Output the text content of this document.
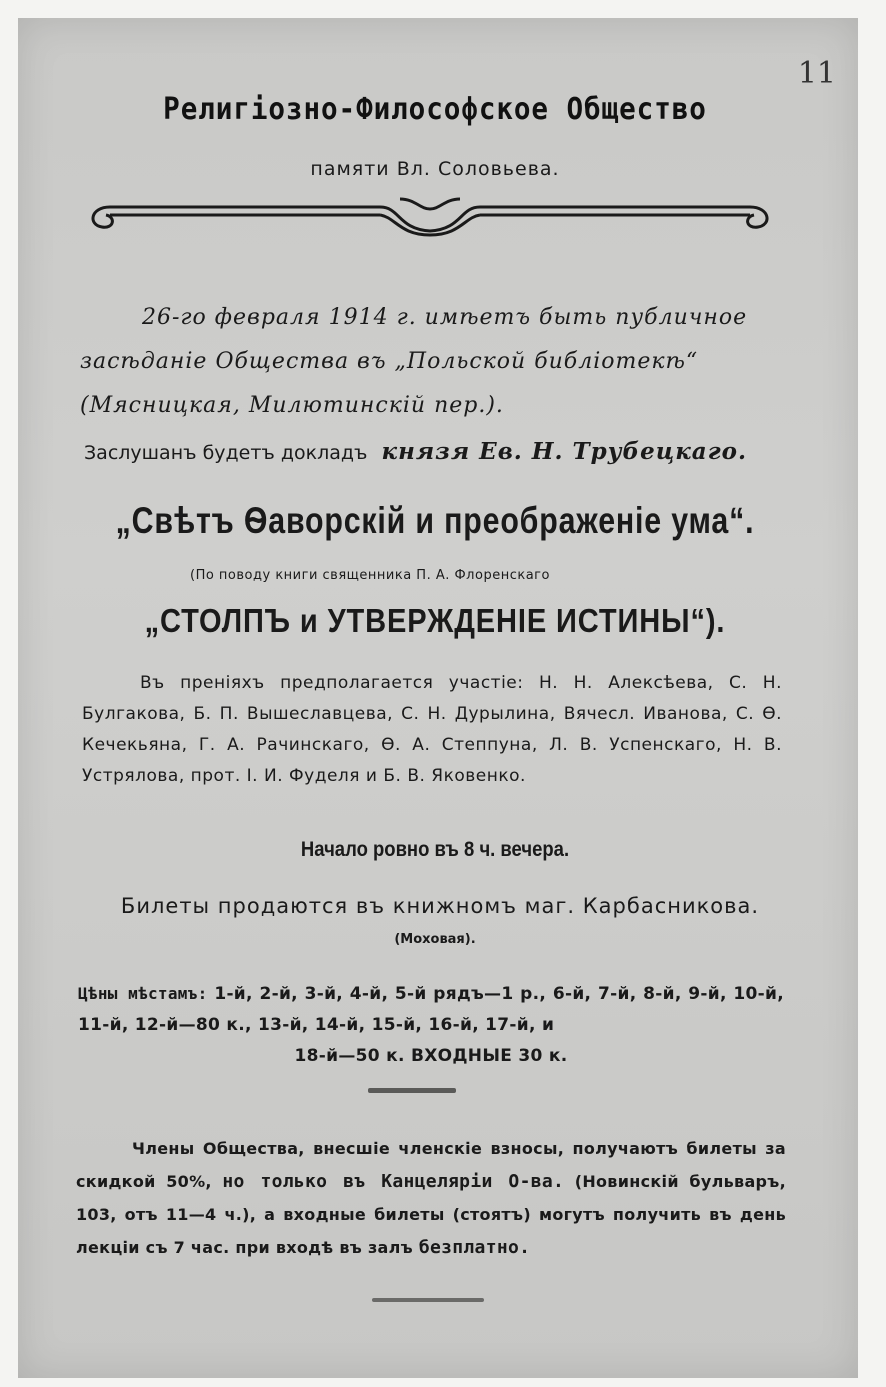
11
Религіозно-Философское Общество
памяти Вл. Соловьева.
26-го февраля 1914 г. имѣетъ быть публичное засѣданіе Общества въ „Польской библіотекѣ“ (Мясницкая, Милютинскій пер.).
Заслушанъ будетъ докладъ князя Ев. Н. Трубецкаго.
„Свѣтъ Ѳаворскій и преображеніе ума“.
(По поводу книги священника П. А. Флоренскаго
„СТОЛПЪ и УТВЕРЖДЕНІЕ ИСТИНЫ“).
Въ преніяхъ предполагается участіе: Н. Н. Алексѣева, С. Н. Булгакова, Б. П. Вышеславцева, С. Н. Дурылина, Вячесл. Иванова, С. Ѳ. Кечекьяна, Г. А. Рачинскаго, Ѳ. А. Степпуна, Л. В. Успенскаго, Н. В. Устрялова, прот. І. И. Фуделя и Б. В. Яковенко.
Начало ровно въ 8 ч. вечера.
Билеты продаются въ книжномъ маг. Карбасникова.
(Моховая).
Цѣны мѣстамъ: 1-й, 2-й, 3-й, 4-й, 5-й рядъ—1 р., 6-й, 7-й, 8-й, 9-й, 10-й, 11-й, 12-й—80 к., 13-й, 14-й, 15-й, 16-й, 17-й, и
18-й—50 к. ВХОДНЫЕ 30 к.
Члены Общества, внесшіе членскіе взносы, получаютъ билеты за скидкой 50%, но только въ Канцеляріи О-ва. (Новинскій бульваръ, 103, отъ 11—4 ч.), а входные билеты (стоятъ) могутъ получить въ день лекціи съ 7 час. при входѣ въ залъ безплатно.
